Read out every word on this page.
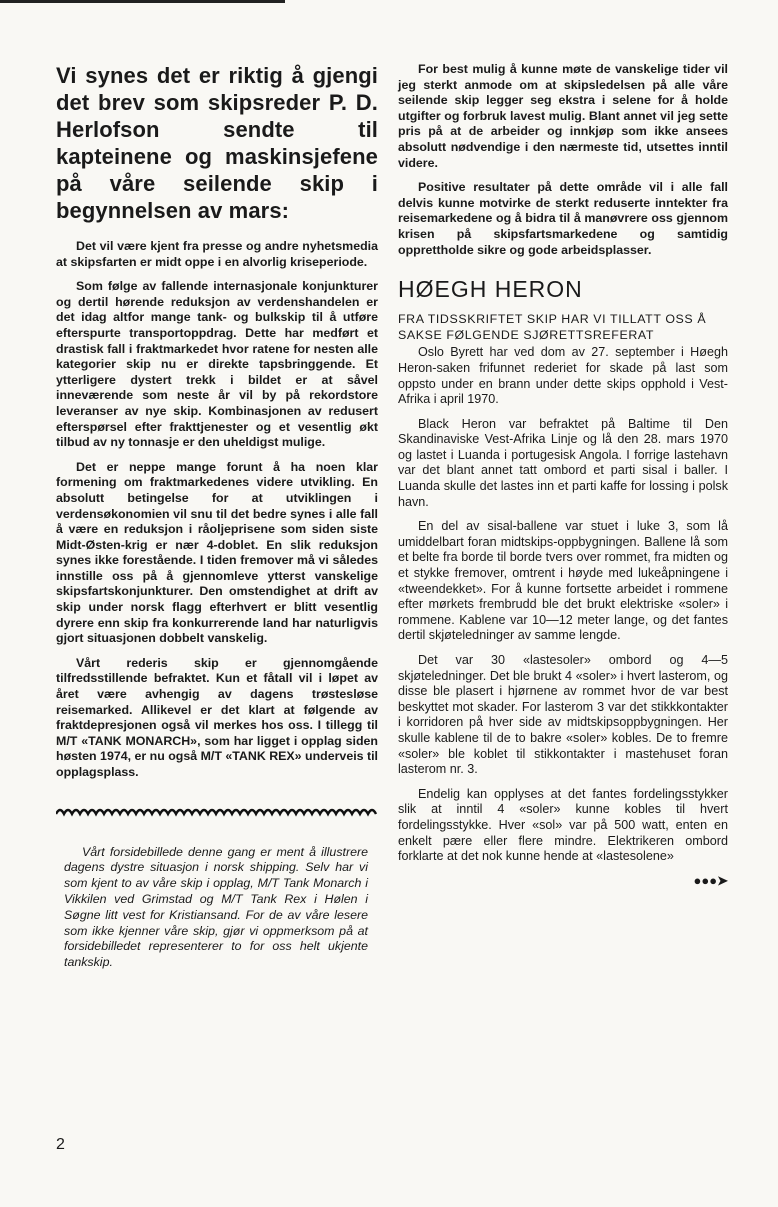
Vi synes det er riktig å gjengi det brev som skipsreder P. D. Herlofson sendte til kapteinene og maskinsjefene på våre seilende skip i begynnelsen av mars:

Det vil være kjent fra presse og andre nyhetsmedia at skipsfarten er midt oppe i en alvorlig kriseperiode.

Som følge av fallende internasjonale konjunkturer og dertil hørende reduksjon av verdenshandelen er det idag altfor mange tank- og bulkskip til å utføre efterspurte transportoppdrag. Dette har medført et drastisk fall i fraktmarkedet hvor ratene for nesten alle kategorier skip nu er direkte tapsbringgende. Et ytterligere dystert trekk i bildet er at såvel inneværende som neste år vil by på rekordstore leveranser av nye skip. Kombinasjonen av redusert efterspørsel efter frakttjenester og et vesentlig økt tilbud av ny tonnasje er den uheldigst mulige.

Det er neppe mange forunt å ha noen klar formening om fraktmarkedenes videre utvikling. En absolutt betingelse for at utviklingen i verdensøkonomien vil snu til det bedre synes i alle fall å være en reduksjon i råoljeprisene som siden siste Midt-Østen-krig er nær 4-doblet. En slik reduksjon synes ikke forestående. I tiden fremover må vi således innstille oss på å gjennomleve ytterst vanskelige skipsfartskonjunkturer. Den omstendighet at drift av skip under norsk flagg efterhvert er blitt vesentlig dyrere enn skip fra konkurrerende land har naturligvis gjort situasjonen dobbelt vanskelig.

Vårt rederis skip er gjennomgående tilfredsstillende befraktet. Kun et fåtall vil i løpet av året være avhengig av dagens trøstesløse reisemarked. Allikevel er det klart at følgende av fraktdepresjonen også vil merkes hos oss. I tillegg til M/T «TANK MONARCH», som har ligget i opplag siden høsten 1974, er nu også M/T «TANK REX» underveis til opplagsplass.

Vårt forsidebillede denne gang er ment å illustrere dagens dystre situasjon i norsk shipping. Selv har vi som kjent to av våre skip i opplag, M/T Tank Monarch i Vikkilen ved Grimstad og M/T Tank Rex i Hølen i Søgne litt vest for Kristiansand. For de av våre lesere som ikke kjenner våre skip, gjør vi oppmerksom på at forsidebilledet representerer to for oss helt ukjente tankskip.

2

For best mulig å kunne møte de vanskelige tider vil jeg sterkt anmode om at skipsledelsen på alle våre seilende skip legger seg ekstra i selene for å holde utgifter og forbruk lavest mulig. Blant annet vil jeg sette pris på at de arbeider og innkjøp som ikke ansees absolutt nødvendige i den nærmeste tid, utsettes inntil videre.

Positive resultater på dette område vil i alle fall delvis kunne motvirke de sterkt reduserte inntekter fra reisemarkedene og å bidra til å manøvrere oss gjennom krisen på skipsfartsmarkedene og samtidig opprettholde sikre og gode arbeidsplasser.

HØEGH HERON
FRA TIDSSKRIFTET SKIP HAR VI TILLATT OSS Å SAKSE FØLGENDE SJØRETTSREFERAT

Oslo Byrett har ved dom av 27. september i Høegh Heron-saken frifunnet rederiet for skade på last som oppsto under en brann under dette skips opphold i Vest-Afrika i april 1970.

Black Heron var befraktet på Baltime til Den Skandinaviske Vest-Afrika Linje og lå den 28. mars 1970 og lastet i Luanda i portugesisk Angola. I forrige lastehavn var det blant annet tatt ombord et parti sisal i baller. I Luanda skulle det lastes inn et parti kaffe for lossing i polsk havn.

En del av sisal-ballene var stuet i luke 3, som lå umiddelbart foran midtskips-oppbygningen. Ballene lå som et belte fra borde til borde tvers over rommet, fra midten og et stykke fremover, omtrent i høyde med lukeåpningene i «tweendekket». For å kunne fortsette arbeidet i rommene efter mørkets frembrudd ble det brukt elektriske «soler» i rommene. Kablene var 10—12 meter lange, og det fantes dertil skjøteledninger av samme lengde.

Det var 30 «lastesoler» ombord og 4—5 skjøteledninger. Det ble brukt 4 «soler» i hvert lasterom, og disse ble plasert i hjørnene av rommet hvor de var best beskyttet mot skader. For lasterom 3 var det stikkkontakter i korridoren på hver side av midtskipsoppbygningen. Her skulle kablene til de to bakre «soler» kobles. De to fremre «soler» ble koblet til stikkontakter i mastehuset foran lasterom nr. 3.

Endelig kan opplyses at det fantes fordelingsstykker slik at inntil 4 «soler» kunne kobles til hvert fordelingsstykke. Hver «sol» var på 500 watt, enten en enkelt pære eller flere mindre. Elektrikeren ombord forklarte at det nok kunne hende at «lastesolene»

●●●➤
